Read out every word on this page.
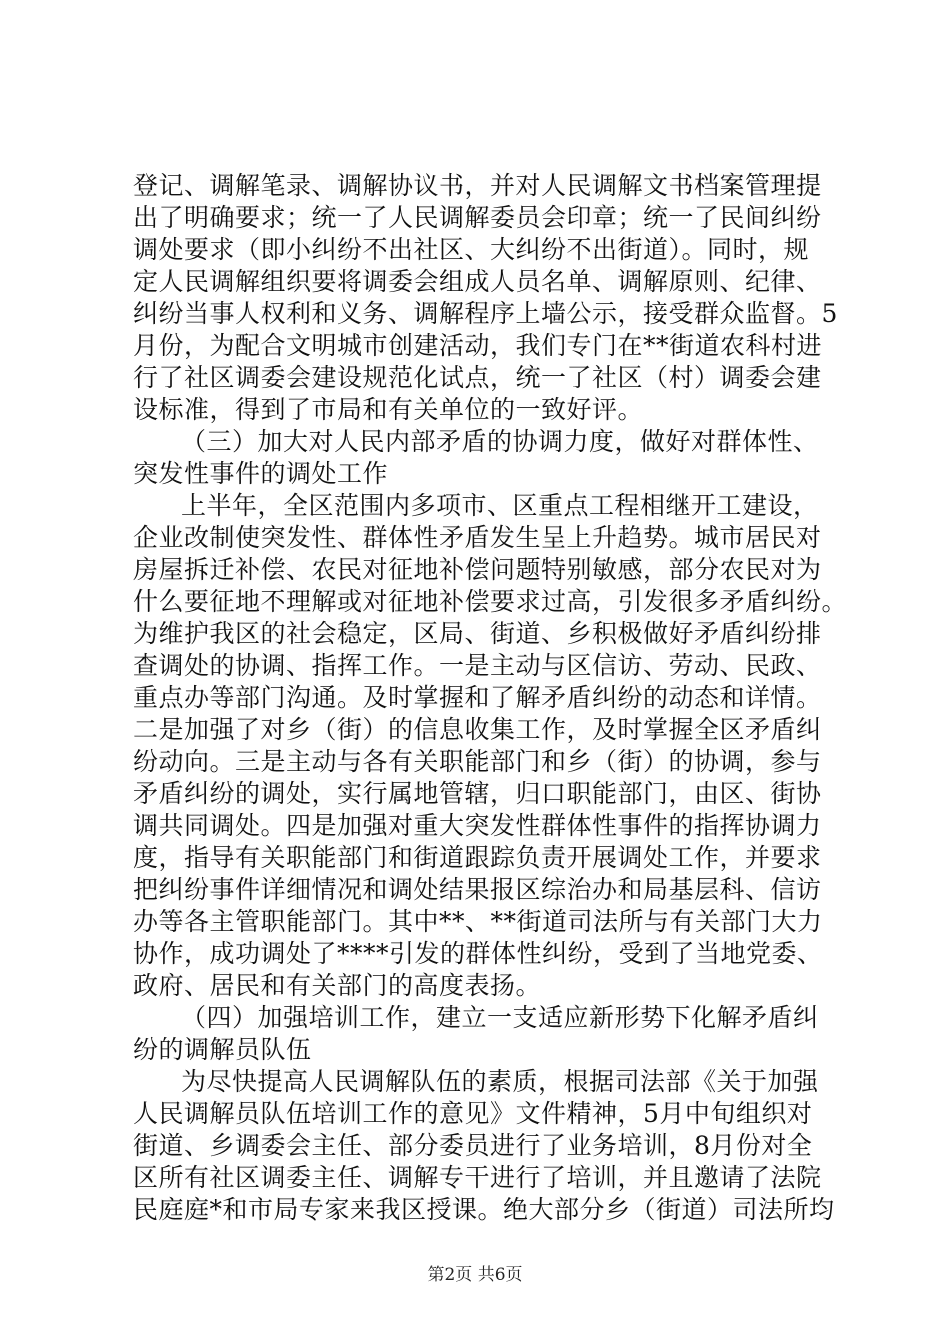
登记、调解笔录、调解协议书，并对人民调解文书档案管理提
出了明确要求；统一了人民调解委员会印章；统一了民间纠纷
调处要求（即小纠纷不出社区、大纠纷不出街道）。同时，规
定人民调解组织要将调委会组成人员名单、调解原则、纪律、
纠纷当事人权利和义务、调解程序上墙公示，接受群众监督。5
月份，为配合文明城市创建活动，我们专门在**街道农科村进
行了社区调委会建设规范化试点，统一了社区（村）调委会建
设标准，得到了市局和有关单位的一致好评。
（三）加大对人民内部矛盾的协调力度，做好对群体性、
突发性事件的调处工作
上半年，全区范围内多项市、区重点工程相继开工建设，
企业改制使突发性、群体性矛盾发生呈上升趋势。城市居民对
房屋拆迁补偿、农民对征地补偿问题特别敏感，部分农民对为
什么要征地不理解或对征地补偿要求过高，引发很多矛盾纠纷。
为维护我区的社会稳定，区局、街道、乡积极做好矛盾纠纷排
查调处的协调、指挥工作。一是主动与区信访、劳动、民政、
重点办等部门沟通。及时掌握和了解矛盾纠纷的动态和详情。
二是加强了对乡（街）的信息收集工作，及时掌握全区矛盾纠
纷动向。三是主动与各有关职能部门和乡（街）的协调，参与
矛盾纠纷的调处，实行属地管辖，归口职能部门，由区、街协
调共同调处。四是加强对重大突发性群体性事件的指挥协调力
度，指导有关职能部门和街道跟踪负责开展调处工作，并要求
把纠纷事件详细情况和调处结果报区综治办和局基层科、信访
办等各主管职能部门。其中**、**街道司法所与有关部门大力
协作，成功调处了****引发的群体性纠纷，受到了当地党委、
政府、居民和有关部门的高度表扬。
（四）加强培训工作，建立一支适应新形势下化解矛盾纠
纷的调解员队伍
为尽快提高人民调解队伍的素质，根据司法部《关于加强
人民调解员队伍培训工作的意见》文件精神，5月中旬组织对
街道、乡调委会主任、部分委员进行了业务培训，8月份对全
区所有社区调委主任、调解专干进行了培训，并且邀请了法院
民庭庭*和市局专家来我区授课。绝大部分乡（街道）司法所均
第2页 共6页
